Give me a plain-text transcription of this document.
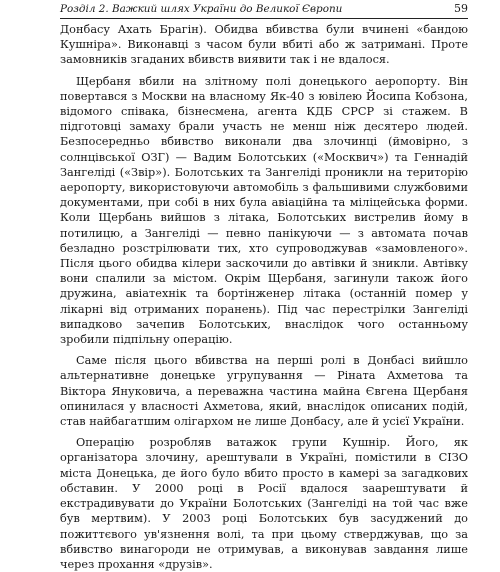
Розділ 2. Важкий шлях України до Великої Європи	59

Донбасу Ахать Брагін). Обидва вбивства були вчинені «бандою Кушніра». Виконавці з часом були вбиті або ж затримані. Проте замовників згаданих вбивств виявити так і не вдалося.

Щербаня вбили на злітному полі донецького аеропорту. Він повертався з Москви на власному Як-40 з ювілею Йосипа Кобзона, відомого співака, бізнесмена, агента КДБ СРСР зі стажем. В підготовці замаху брали участь не менш ніж десятеро людей. Безпосередньо вбивство виконали два злочинці (ймовірно, з солнцівської ОЗГ) — Вадим Болотських («Москвич») та Геннадій Зангеліді («Звір»). Болотських та Зангеліді проникли на територію аеропорту, використовуючи автомобіль з фальшивими службовими документами, при собі в них була авіаційна та міліцейська форми. Коли Щербань вийшов з літака, Болотських вистрелив йому в потилицю, а Зангеліді — певно панікуючи — з автомата почав безладно розстрілювати тих, хто супроводжував «замовленого». Після цього обидва кілери заскочили до автівки й зникли. Автівку вони спалили за містом. Окрім Щербаня, загинули також його дружина, авіатехнік та бортінженер літака (останній помер у лікарні від отриманих поранень). Під час перестрілки Зангеліді випадково зачепив Болотських, внаслідок чого останньому зробили підпільну операцію.

Саме після цього вбивства на перші ролі в Донбасі вийшло альтернативне донецьке угрупування — Ріната Ахметова та Віктора Януковича, а переважна частина майна Євгена Щербаня опинилася у власності Ахметова, який, внаслідок описаних подій, став найбагатшим олігархом не лише Донбасу, але й усієї України.

Операцію розробляв ватажок групи Кушнір. Його, як організатора злочину, арештували в Україні, помістили в СІЗО міста Донецька, де його було вбито просто в камері за загадкових обставин. У 2000 році в Росії вдалося заарештувати й екстрадивувати до України Болотських (Зангеліді на той час вже був мертвим). У 2003 році Болотських був засуджений до пожиттєвого ув'язнення волі, та при цьому стверджував, що за вбивство винагороди не отримував, а виконував завдання лише через прохання «друзів».
